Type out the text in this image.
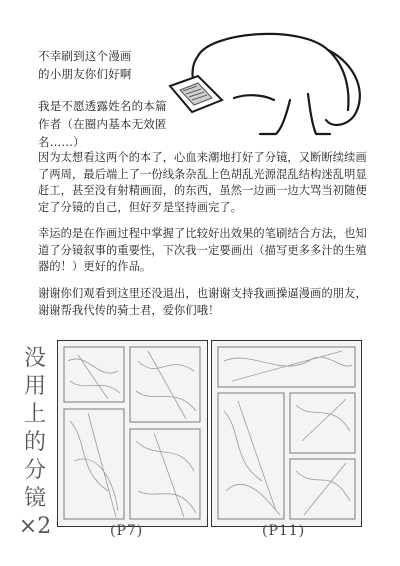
不幸刷到这个漫画
的小朋友你们好啊
我是不愿透露姓名的本篇
作者（在圈内基本无效匿
名……）
因为太想看这两个的本了，心血来潮地打好了分镜，又断断续续画了两周，最后端上了一份线条杂乱上色胡乱光源混乱结构迷乱明显赶工，甚至没有射精画面，的东西，虽然一边画一边大骂当初随便定了分镜的自己，但好歹是坚持画完了。
幸运的是在作画过程中掌握了比较好出效果的笔刷结合方法，也知道了分镜叙事的重要性，下次我一定要画出（描写更多多汁的生殖器的！）更好的作品。
谢谢你们观看到这里还没退出，也谢谢支持我画操逼漫画的朋友，谢谢帮我代传的骑士君，爱你们哦！
没用上的分镜×2	(P7)	(P11)
